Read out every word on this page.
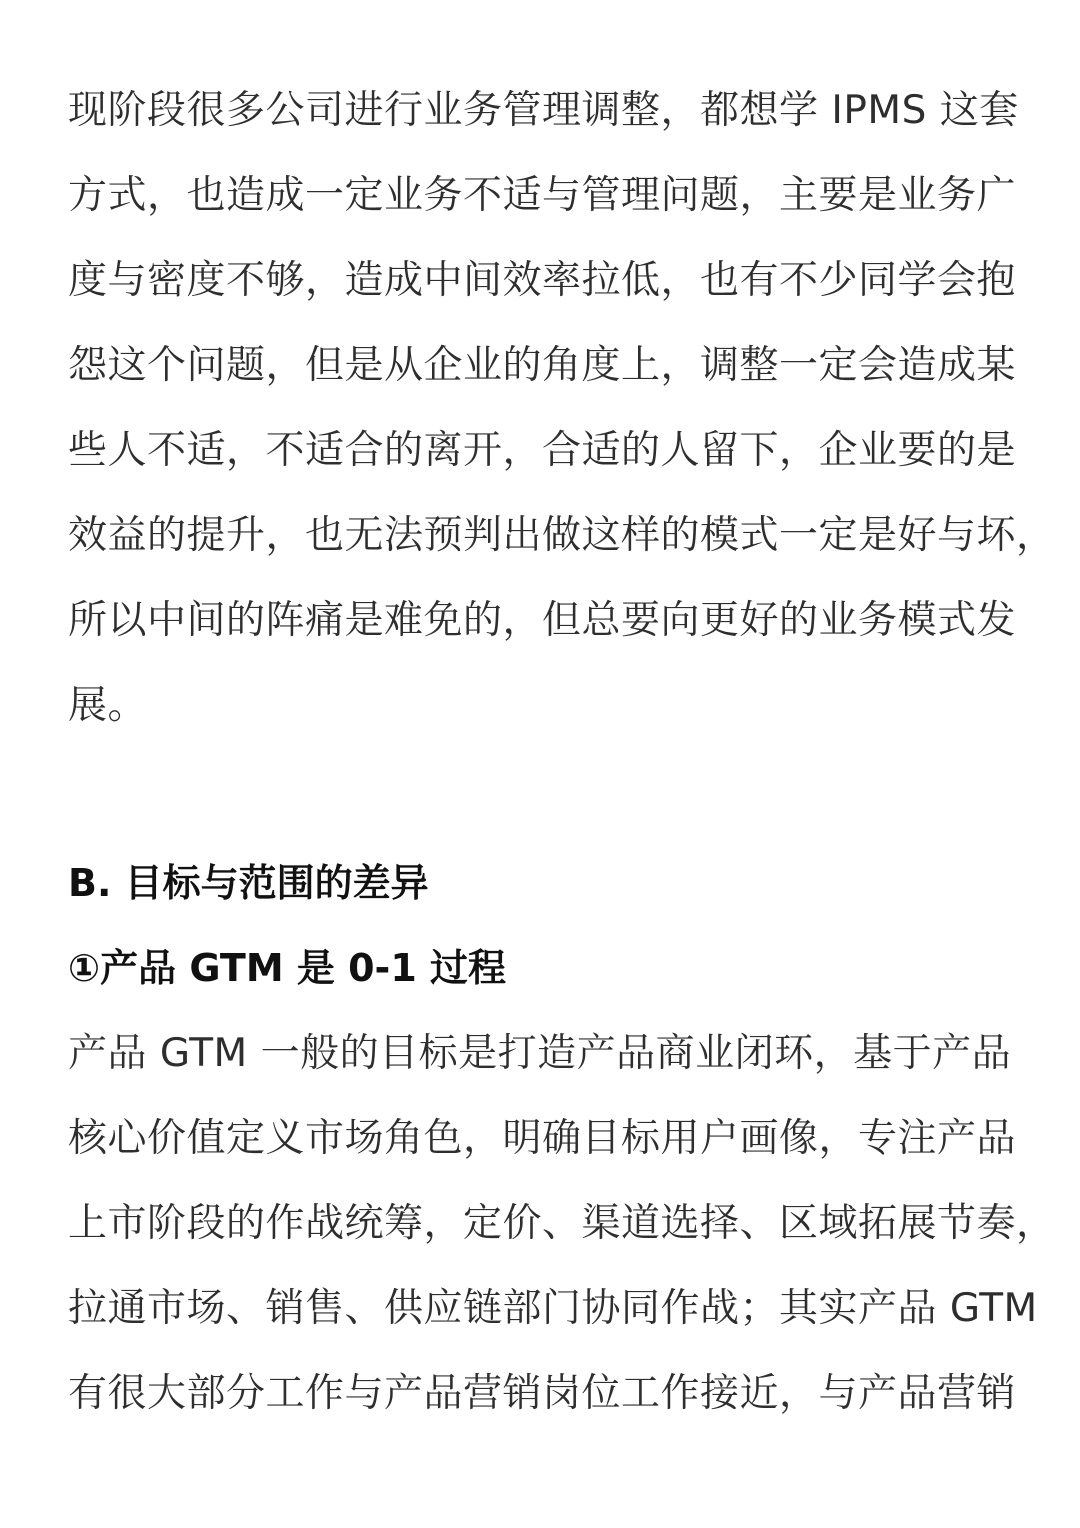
现阶段很多公司进行业务管理调整，都想学 IPMS 这套
方式，也造成一定业务不适与管理问题，主要是业务广
度与密度不够，造成中间效率拉低，也有不少同学会抱
怨这个问题，但是从企业的角度上，调整一定会造成某
些人不适，不适合的离开，合适的人留下，企业要的是
效益的提升，也无法预判出做这样的模式一定是好与坏，
所以中间的阵痛是难免的，但总要向更好的业务模式发
展。

B. 目标与范围的差异
①产品 GTM 是 0-1 过程

产品 GTM 一般的目标是打造产品商业闭环，基于产品
核心价值定义市场角色，明确目标用户画像，专注产品
上市阶段的作战统筹，定价、渠道选择、区域拓展节奏，
拉通市场、销售、供应链部门协同作战；其实产品 GTM
有很大部分工作与产品营销岗位工作接近，与产品营销
